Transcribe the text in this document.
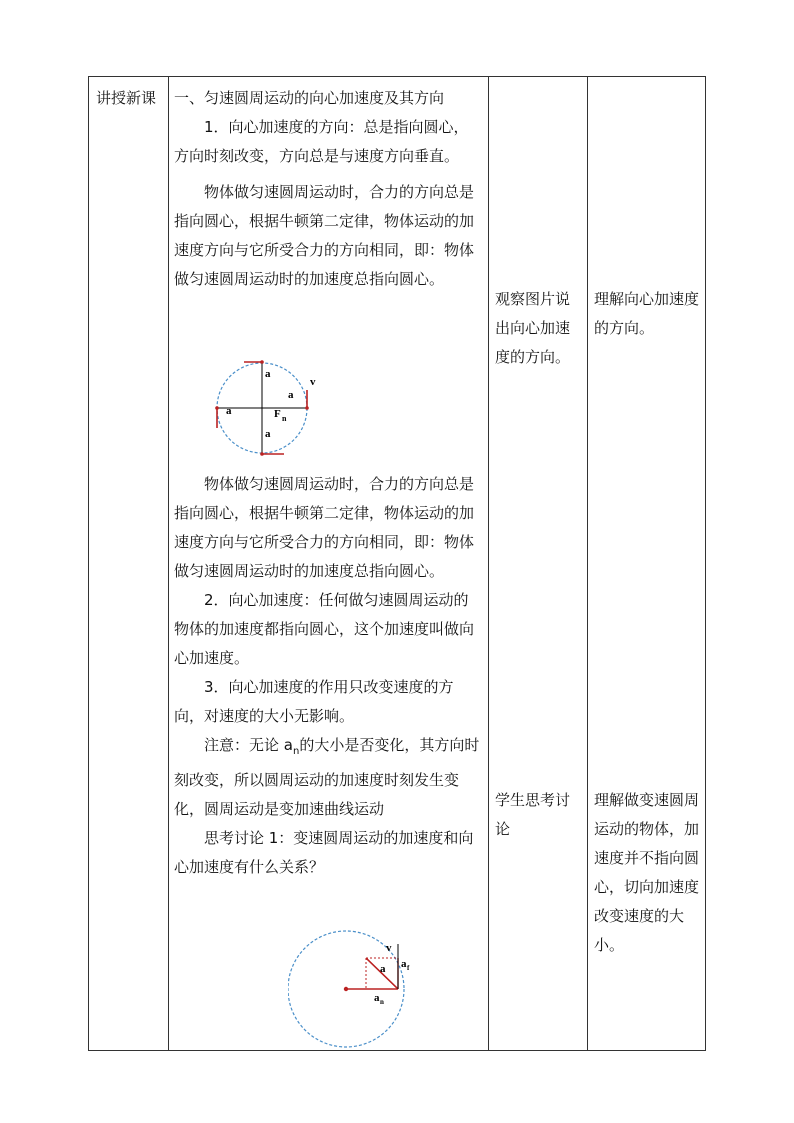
讲授新课	一、匀速圆周运动的向心加速度及其方向

1．向心加速度的方向：总是指向圆心，方向时刻改变，方向总是与速度方向垂直。

物体做匀速圆周运动时，合力的方向总是指向圆心，根据牛顿第二定律，物体运动的加速度方向与它所受合力的方向相同，即：物体做匀速圆周运动时的加速度总指向圆心。

a
a
a
a
v
F n

物体做匀速圆周运动时，合力的方向总是指向圆心，根据牛顿第二定律，物体运动的加速度方向与它所受合力的方向相同，即：物体做匀速圆周运动时的加速度总指向圆心。

2．向心加速度：任何做匀速圆周运动的物体的加速度都指向圆心，这个加速度叫做向心加速度。

3．向心加速度的作用只改变速度的方向，对速度的大小无影响。

注意：无论 $a_n$的大小是否变化，其方向时刻改变，所以圆周运动的加速度时刻发生变化，圆周运动是变加速曲线运动

思考讨论 1：变速圆周运动的加速度和向心加速度有什么关系？

v
a a f
a n
观察图片说出向心加速度的方向。
学生思考讨论
理解向心加速度的方向。
理解做变速圆周运动的物体，加速度并不指向圆心，切向加速度改变速度的大小。
